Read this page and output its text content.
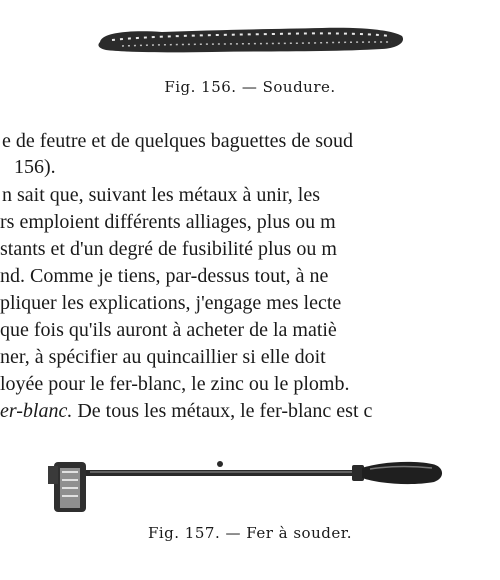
Fig. 156. — Soudure.
e de feutre et de quelques baguettes de soud
156).
n sait que, suivant les métaux à unir, les
rs emploient différents alliages, plus ou m
stants et d'un degré de fusibilité plus ou m
nd. Comme je tiens, par-dessus tout, à ne
pliquer les explications, j'engage mes lecte
que fois qu'ils auront à acheter de la matiè
ner, à spécifier au quincaillier si elle doit
loyée pour le fer-blanc, le zinc ou le plomb.
er-blanc. De tous les métaux, le fer-blanc est c
Fig. 157. — Fer à souder.
